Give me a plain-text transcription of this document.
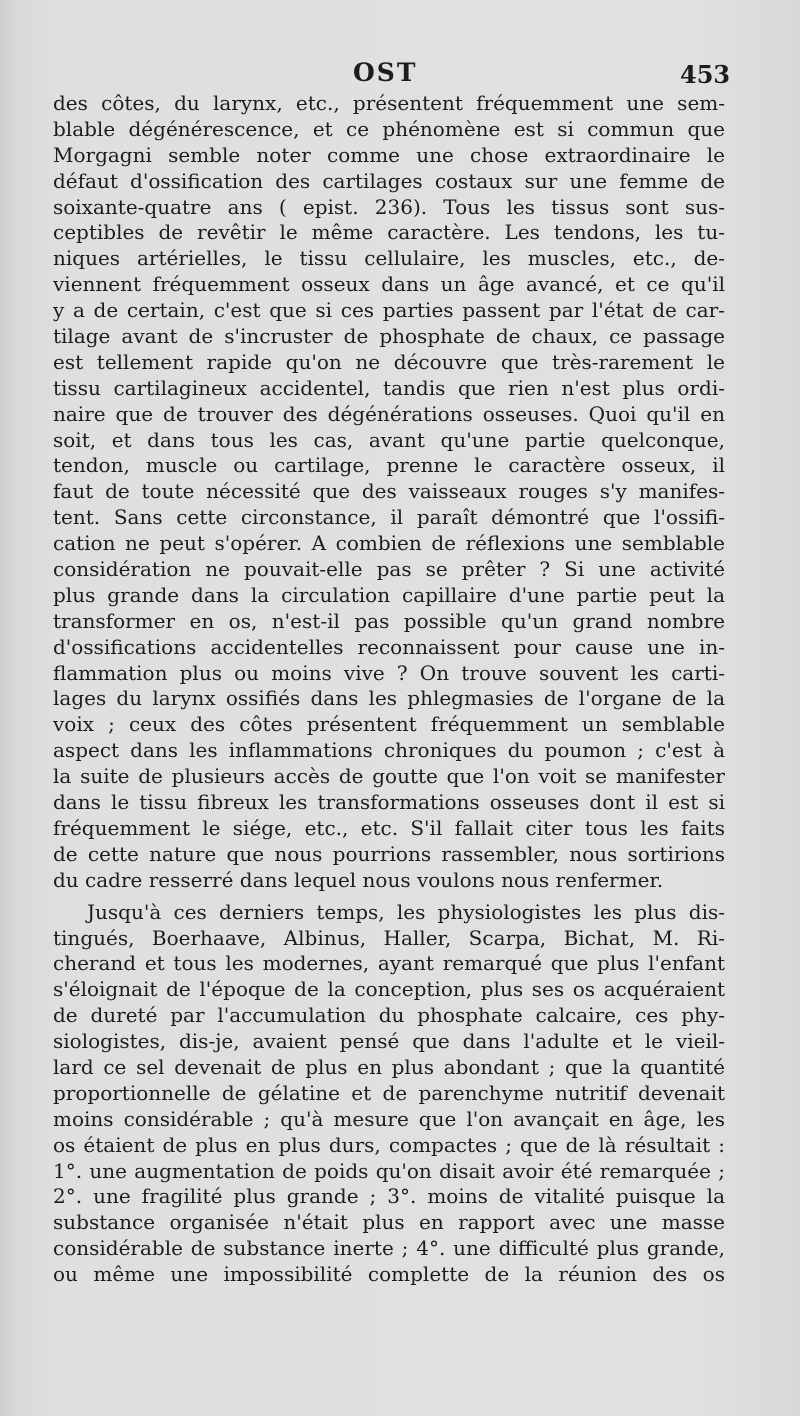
OST	453
des côtes, du larynx, etc., présentent fréquemment une sem-
blable dégénérescence, et ce phénomène est si commun que
Morgagni semble noter comme une chose extraordinaire le
défaut d'ossification des cartilages costaux sur une femme de
soixante-quatre ans ( epist. 236). Tous les tissus sont sus-
ceptibles de revêtir le même caractère. Les tendons, les tu-
niques artérielles, le tissu cellulaire, les muscles, etc., de-
viennent fréquemment osseux dans un âge avancé, et ce qu'il
y a de certain, c'est que si ces parties passent par l'état de car-
tilage avant de s'incruster de phosphate de chaux, ce passage
est tellement rapide qu'on ne découvre que très-rarement le
tissu cartilagineux accidentel, tandis que rien n'est plus ordi-
naire que de trouver des dégénérations osseuses. Quoi qu'il en
soit, et dans tous les cas, avant qu'une partie quelconque,
tendon, muscle ou cartilage, prenne le caractère osseux, il
faut de toute nécessité que des vaisseaux rouges s'y manifes-
tent. Sans cette circonstance, il paraît démontré que l'ossifi-
cation ne peut s'opérer. A combien de réflexions une semblable
considération ne pouvait-elle pas se prêter ? Si une activité
plus grande dans la circulation capillaire d'une partie peut la
transformer en os, n'est-il pas possible qu'un grand nombre
d'ossifications accidentelles reconnaissent pour cause une in-
flammation plus ou moins vive ? On trouve souvent les carti-
lages du larynx ossifiés dans les phlegmasies de l'organe de la
voix ; ceux des côtes présentent fréquemment un semblable
aspect dans les inflammations chroniques du poumon ; c'est à
la suite de plusieurs accès de goutte que l'on voit se manifester
dans le tissu fibreux les transformations osseuses dont il est si
fréquemment le siége, etc., etc. S'il fallait citer tous les faits
de cette nature que nous pourrions rassembler, nous sortirions
du cadre resserré dans lequel nous voulons nous renfermer.
Jusqu'à ces derniers temps, les physiologistes les plus dis-
tingués, Boerhaave, Albinus, Haller, Scarpa, Bichat, M. Ri-
cherand et tous les modernes, ayant remarqué que plus l'enfant
s'éloignait de l'époque de la conception, plus ses os acquéraient
de dureté par l'accumulation du phosphate calcaire, ces phy-
siologistes, dis-je, avaient pensé que dans l'adulte et le vieil-
lard ce sel devenait de plus en plus abondant ; que la quantité
proportionnelle de gélatine et de parenchyme nutritif devenait
moins considérable ; qu'à mesure que l'on avançait en âge, les
os étaient de plus en plus durs, compactes ; que de là résultait :
1°. une augmentation de poids qu'on disait avoir été remarquée ;
2°. une fragilité plus grande ; 3°. moins de vitalité puisque la
substance organisée n'était plus en rapport avec une masse
considérable de substance inerte ; 4°. une difficulté plus grande,
ou même une impossibilité complette de la réunion des os
